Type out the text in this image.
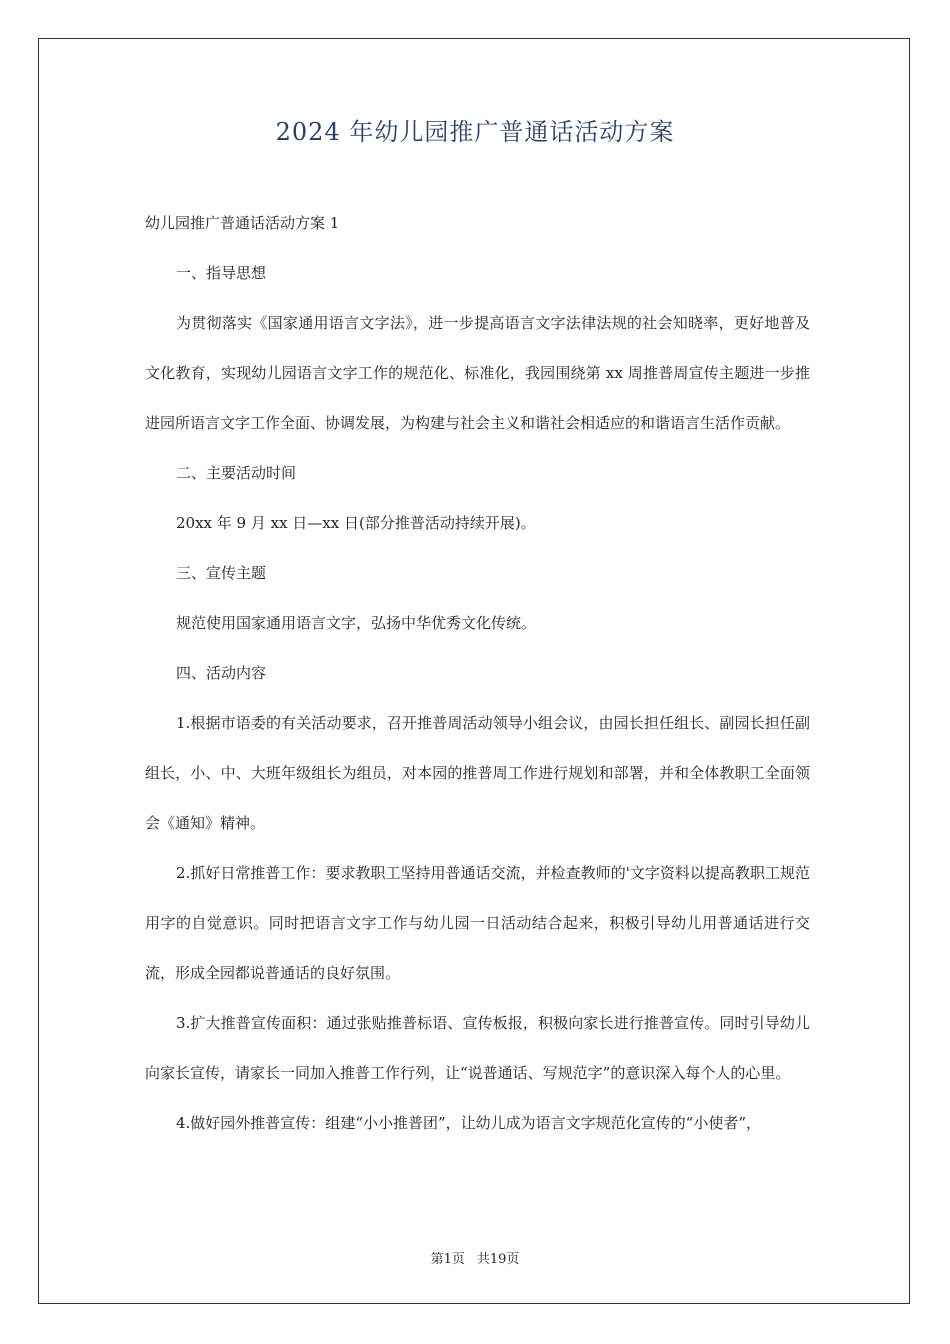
2024 年幼儿园推广普通话活动方案

幼儿园推广普通话活动方案 1

一、指导思想

为贯彻落实《国家通用语言文字法》，进一步提高语言文字法律法规的社会知晓率，更好地普及文化教育，实现幼儿园语言文字工作的规范化、标准化，我园围绕第 xx 周推普周宣传主题进一步推进园所语言文字工作全面、协调发展，为构建与社会主义和谐社会相适应的和谐语言生活作贡献。

二、主要活动时间

20xx 年 9 月 xx 日—xx 日(部分推普活动持续开展)。

三、宣传主题

规范使用国家通用语言文字，弘扬中华优秀文化传统。

四、活动内容

1.根据市语委的有关活动要求，召开推普周活动领导小组会议，由园长担任组长、副园长担任副组长，小、中、大班年级组长为组员，对本园的推普周工作进行规划和部署，并和全体教职工全面领会《通知》精神。

2.抓好日常推普工作：要求教职工坚持用普通话交流，并检查教师的'文字资料以提高教职工规范用字的自觉意识。同时把语言文字工作与幼儿园一日活动结合起来，积极引导幼儿用普通话进行交流，形成全园都说普通话的良好氛围。

3.扩大推普宣传面积：通过张贴推普标语、宣传板报，积极向家长进行推普宣传。同时引导幼儿向家长宣传，请家长一同加入推普工作行列，让“说普通话、写规范字”的意识深入每个人的心里。

4.做好园外推普宣传：组建“小小推普团”，让幼儿成为语言文字规范化宣传的“小使者”，

第1页 共19页
